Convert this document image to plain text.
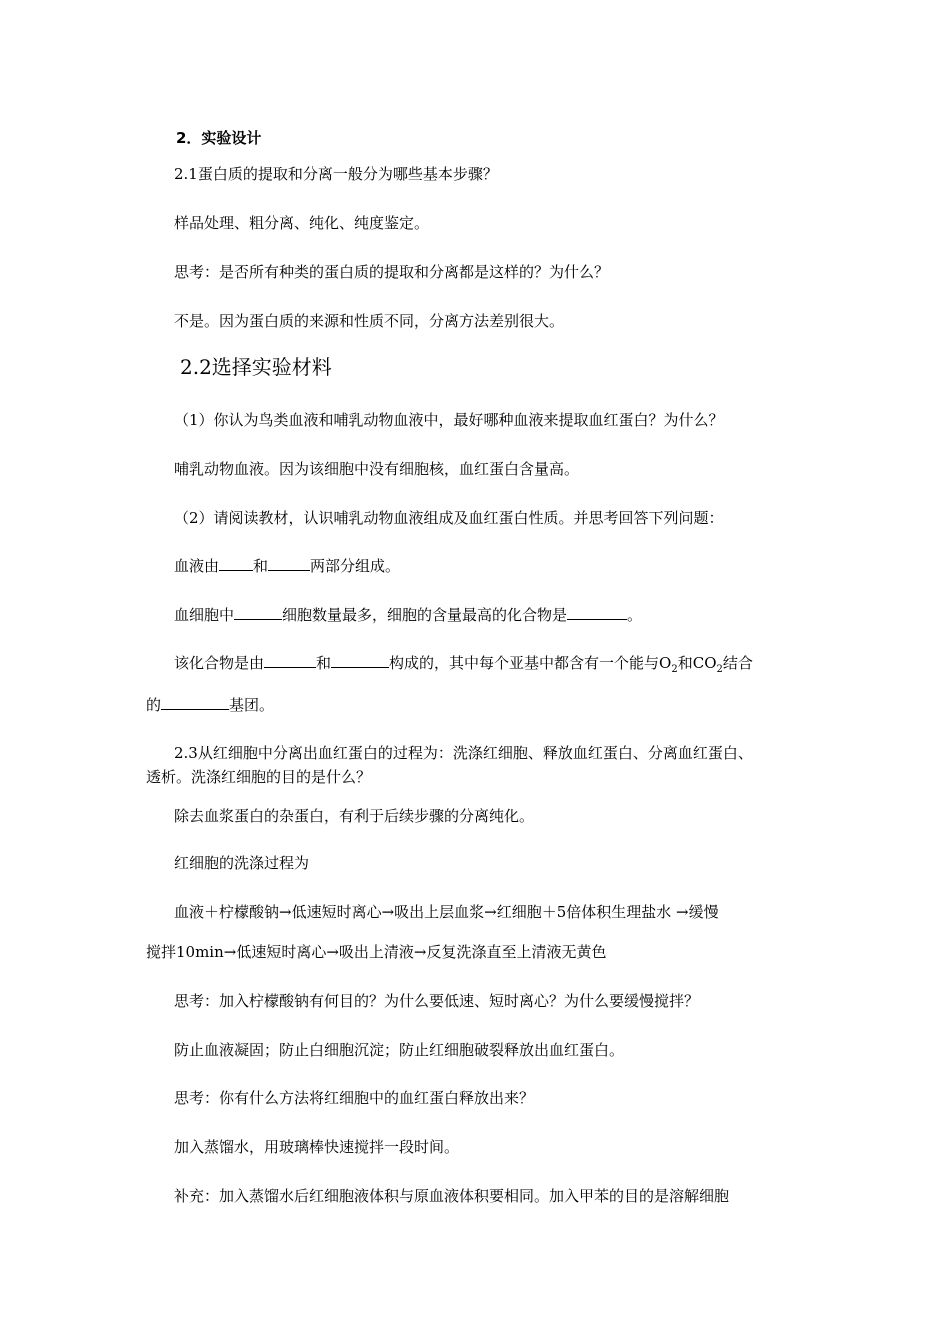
2．实验设计
2.1蛋白质的提取和分离一般分为哪些基本步骤？
样品处理、粗分离、纯化、纯度鉴定。
思考：是否所有种类的蛋白质的提取和分离都是这样的？为什么？
不是。因为蛋白质的来源和性质不同，分离方法差别很大。
2.2选择实验材料
（1）你认为鸟类血液和哺乳动物血液中，最好哪种血液来提取血红蛋白？为什么？
哺乳动物血液。因为该细胞中没有细胞核，血红蛋白含量高。
（2）请阅读教材，认识哺乳动物血液组成及血红蛋白性质。并思考回答下列问题：
血液由 和	两部分组成。
血细胞中	细胞数量最多，细胞的含量最高的化合物是	。
该化合物是由	和	构成的，其中每个亚基中都含有一个能与$O_2$和$CO_2$结合
的	基团。
2.3从红细胞中分离出血红蛋白的过程为：洗涤红细胞、释放血红蛋白、分离血红蛋白、
透析。洗涤红细胞的目的是什么？
除去血浆蛋白的杂蛋白，有利于后续步骤的分离纯化。
红细胞的洗涤过程为
血液＋柠檬酸钠→低速短时离心→吸出上层血浆→红细胞＋5倍体积生理盐水 →缓慢
搅拌10min→低速短时离心→吸出上清液→反复洗涤直至上清液无黄色
思考：加入柠檬酸钠有何目的？为什么要低速、短时离心？为什么要缓慢搅拌？
防止血液凝固；防止白细胞沉淀；防止红细胞破裂释放出血红蛋白。
思考：你有什么方法将红细胞中的血红蛋白释放出来？
加入蒸馏水，用玻璃棒快速搅拌一段时间。
补充：加入蒸馏水后红细胞液体积与原血液体积要相同。加入甲苯的目的是溶解细胞
